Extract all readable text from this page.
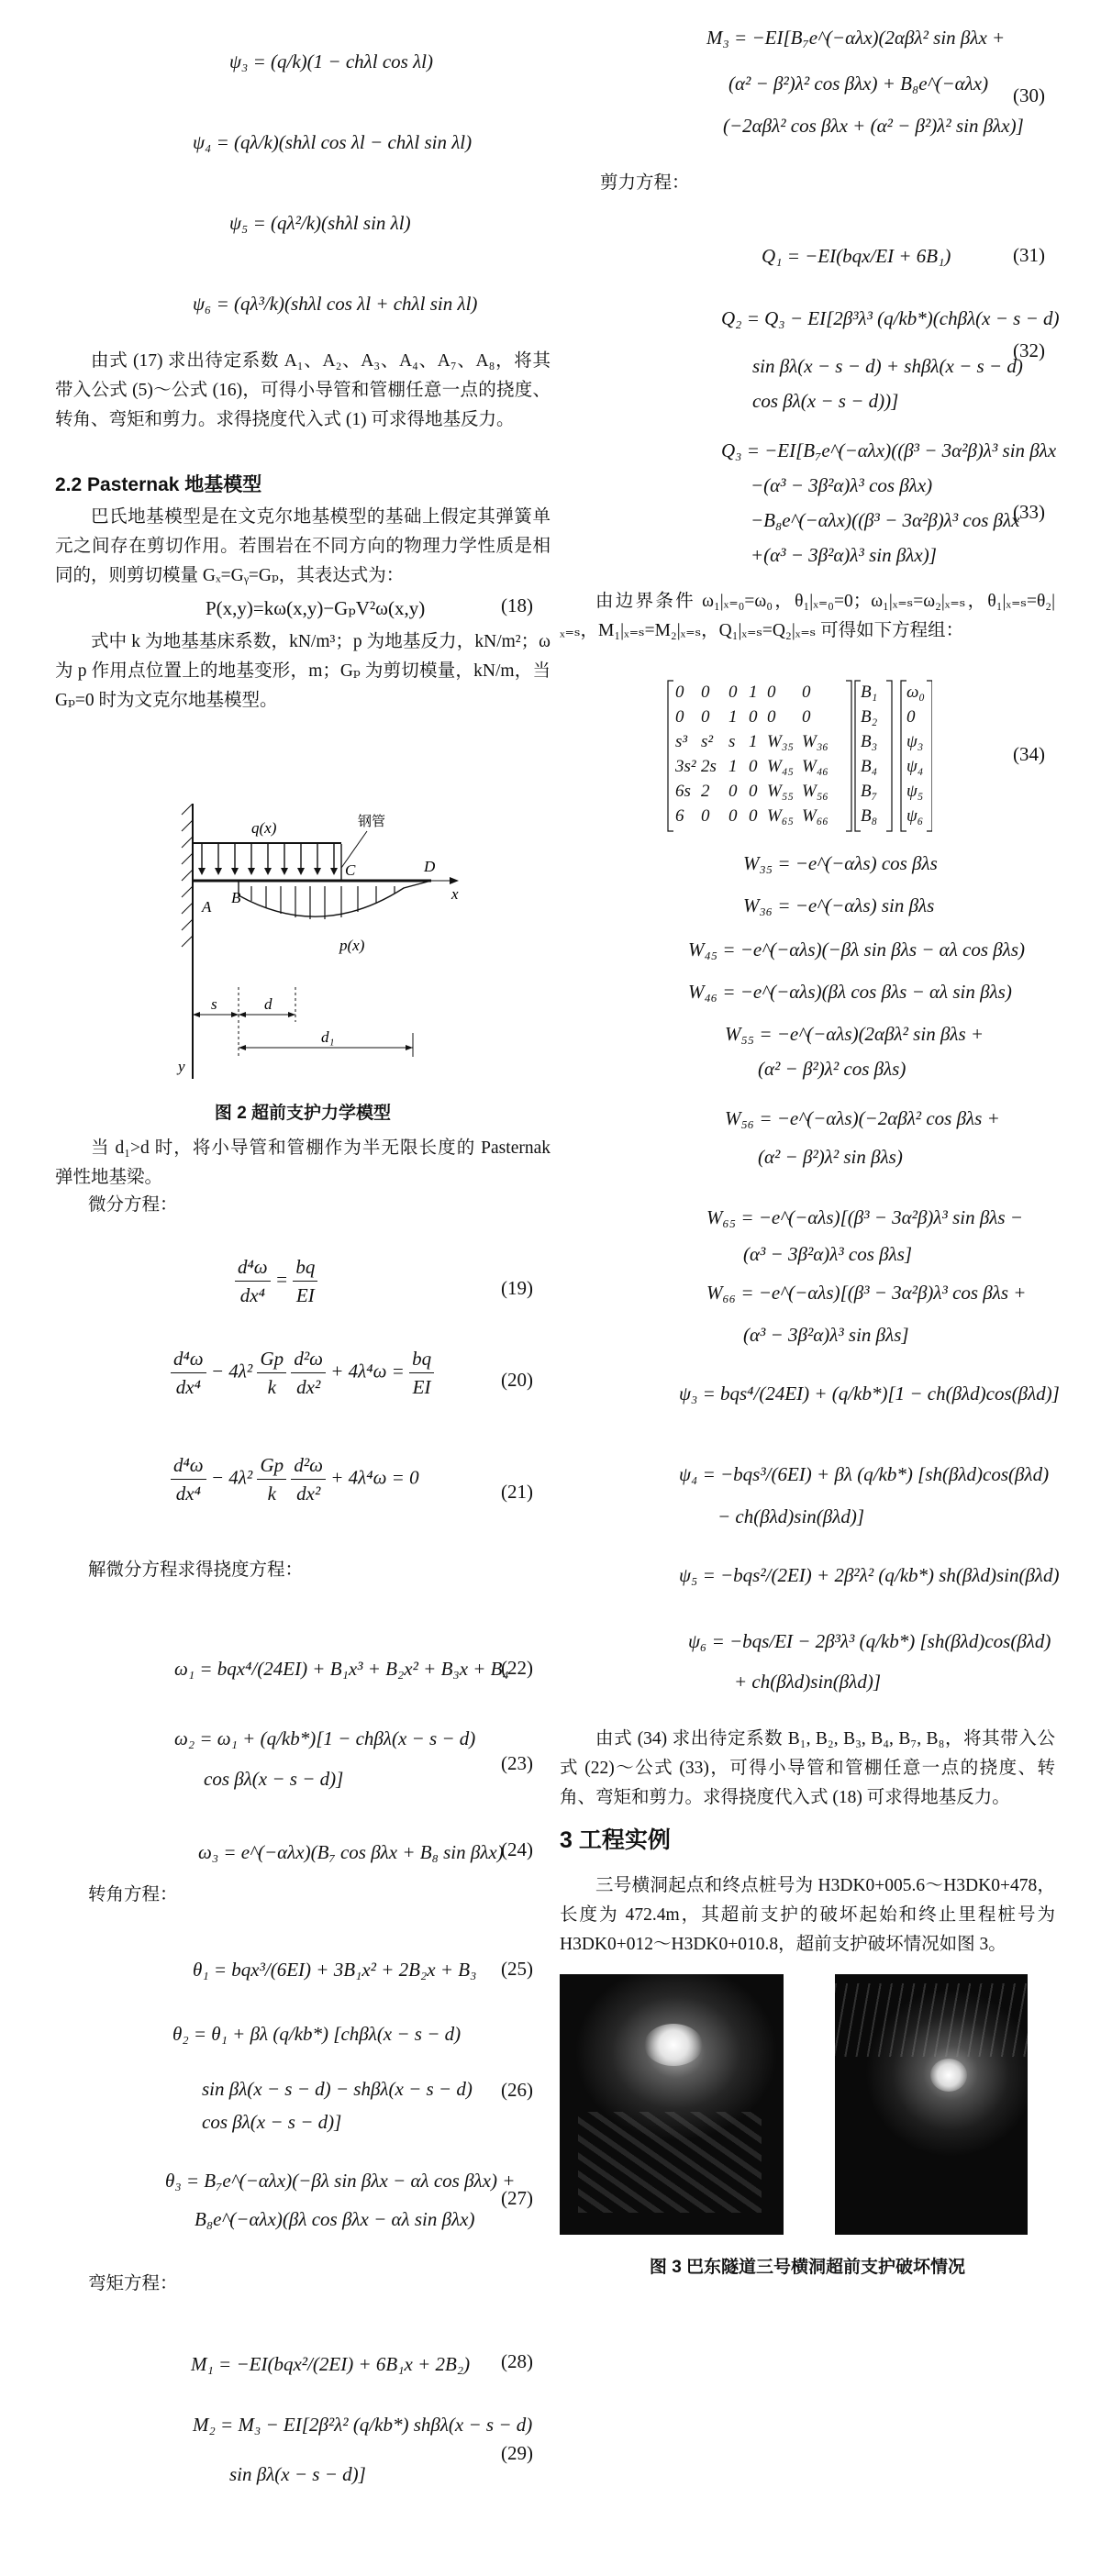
ψ₃ = (q/k)(1 − chλl cos λl)
ψ₄ = (qλ/k)(shλl cos λl − chλl sin λl)
ψ₅ = (qλ²/k)(shλl sin λl)
ψ₆ = (qλ³/k)(shλl cos λl + chλl sin λl)

由式 (17) 求出待定系数 A₁、A₂、A₃、A₄、A₇、A₈，将其带入公式 (5)～公式 (16)，可得小导管和管棚任意一点的挠度、转角、弯矩和剪力。求得挠度代入式 (1) 可求得地基反力。

2.2 Pasternak 地基模型

巴氏地基模型是在文克尔地基模型的基础上假定其弹簧单元之间存在剪切作用。若围岩在不同方向的物理力学性质是相同的，则剪切模量 Gₓ=Gᵧ=Gₚ，其表达式为：

P(x,y)=kω(x,y)−GₚV²ω(x,y)	(18)

式中 k 为地基基床系数，kN/m³；p 为地基反力，kN/m²；ω 为 p 作用点位置上的地基变形，m；Gₚ 为剪切模量，kN/m，当 Gₚ=0 时为文克尔地基模型。

q(x)	钢管
A
B
C	D
x
p(x)
s	d
d₁
y
图 2 超前支护力学模型

当 d₁>d 时，将小导管和管棚作为半无限长度的 Pasternak 弹性地基梁。

微分方程：
$\frac{\text{d⁴ω}}{\text{dx⁴}} = \frac{bq}{EI}$	(19)
$\frac{\text{d⁴ω}}{\text{dx⁴}} - 4\lambda^2 \frac{Gp}{k}$
$\frac{\text{d²ω}}{\text{dx²}} + 4\lambda^4\omega = \frac{bq}{EI}$	(20)
$\frac{\text{d⁴ω}}{\text{dx⁴}} - 4\lambda^2 \frac{Gp}{k}$
$\frac{\text{d²ω}}{\text{dx²}} + 4\lambda^4\omega = 0$
(21)
解微分方程求得挠度方程：
ω₁ = bqx⁴/(24EI) + B₁x³ + B₂x² + B₃x + B₄
(22)
ω₂ = ω₁ + (q/kb*)[1 − chβλ(x − s − d)
cos βλ(x − s − d)]
(23)
ω₃ = e^(−αλx)(B₇ cos βλx + B₈ sin βλx)
(24)
转角方程：
θ₁ = bqx³/(6EI) + 3B₁x² + 2B₂x + B₃ (25)
θ₂ = θ₁ + βλ (q/kb*) [chβλ(x − s − d)
sin βλ(x − s − d) − shβλ(x − s − d)
cos βλ(x − s − d)]
(26)
θ₃ = B₇e^(−αλx)(−βλ sin βλx − αλ cos βλx) +
B₈e^(−αλx)(βλ cos βλx − αλ sin βλx)
(27)
弯矩方程：
M₁ = −EI(bqx²/(2EI) + 6B₁x + 2B₂) (28)
M₂ = M₃ − EI[2β²λ² (q/kb*) shβλ(x − s − d)
sin βλ(x − s − d)]
(29)
M₃ = −EI[B₇e^(−αλx)(2αβλ² sin βλx +
(α² − β²)λ² cos βλx) + B₈e^(−αλx)
(−2αβλ² cos βλx + (α² − β²)λ² sin βλx)]
(30)
剪力方程：
Q₁ = −EI(bqx/EI + 6B₁)	(31)
Q₂ = Q₃ − EI[2β³λ³ (q/kb*)(chβλ(x − s − d)
sin βλ(x − s − d) + shβλ(x − s − d)
cos βλ(x − s − d))]
(32)
Q₃ = −EI[B₇e^(−αλx)((β³ − 3α²β)λ³ sin βλx
−(α³ − 3β²α)λ³ cos βλx)
−B₈e^(−αλx)((β³ − 3α²β)λ³ cos βλx
+(α³ − 3β²α)λ³ sin βλx)]
(33)

由边界条件 ω₁|ₓ₌₀=ω₀，θ₁|ₓ₌₀=0；ω₁|ₓ₌ₛ=ω₂|ₓ₌ₛ，θ₁|ₓ₌ₛ=θ₂|ₓ₌ₛ，M₁|ₓ₌ₛ=M₂|ₓ₌ₛ，Q₁|ₓ₌ₛ=Q₂|ₓ₌ₛ 可得如下方程组：

0 0 0 1 0 0
0 0 1 0 0 0
s³ s² s 1 W₃₅ W₃₆
3s² 2s 1 0 W₄₅ W₄₆
6s 2 0 0 W₅₅ W₅₆
6 0 0 0 W₆₅ W₆₆
B₁
B₂
B₃
B₄
B₇
B₈
ω₀
0
ψ₃
ψ₄
ψ₅
ψ₆
(34)
W₃₅ = −e^(−αλs) cos βλs
W₃₆ = −e^(−αλs) sin βλs
W₄₅ = −e^(−αλs)(−βλ sin βλs − αλ cos βλs)
W₄₆ = −e^(−αλs)(βλ cos βλs − αλ sin βλs)
W₅₅ = −e^(−αλs)(2αβλ² sin βλs +
(α² − β²)λ² cos βλs)
W₅₆ = −e^(−αλs)(−2αβλ² cos βλs +
(α² − β²)λ² sin βλs)
W₆₅ = −e^(−αλs)[(β³ − 3α²β)λ³ sin βλs −
(α³ − 3β²α)λ³ cos βλs]
W₆₆ = −e^(−αλs)[(β³ − 3α²β)λ³ cos βλs +
(α³ − 3β²α)λ³ sin βλs]
ψ₃ = bqs⁴/(24EI) + (q/kb*)[1 − ch(βλd)cos(βλd)]
ψ₄ = −bqs³/(6EI) + βλ (q/kb*) [sh(βλd)cos(βλd)
− ch(βλd)sin(βλd)]
ψ₅ = −bqs²/(2EI) + 2β²λ² (q/kb*) sh(βλd)sin(βλd)
ψ₆ = −bqs/EI − 2β³λ³ (q/kb*) [sh(βλd)cos(βλd)
+ ch(βλd)sin(βλd)]

由式 (34) 求出待定系数 B₁, B₂, B₃, B₄, B₇, B₈，将其带入公式 (22)～公式 (33)，可得小导管和管棚任意一点的挠度、转角、弯矩和剪力。求得挠度代入式 (18) 可求得地基反力。

3 工程实例

三号横洞起点和终点桩号为 H3DK0+005.6～H3DK0+478，长度为 472.4m，其超前支护的破坏起始和终止里程桩号为 H3DK0+012～H3DK0+010.8，超前支护破坏情况如图 3。

图 3 巴东隧道三号横洞超前支护破坏情况
